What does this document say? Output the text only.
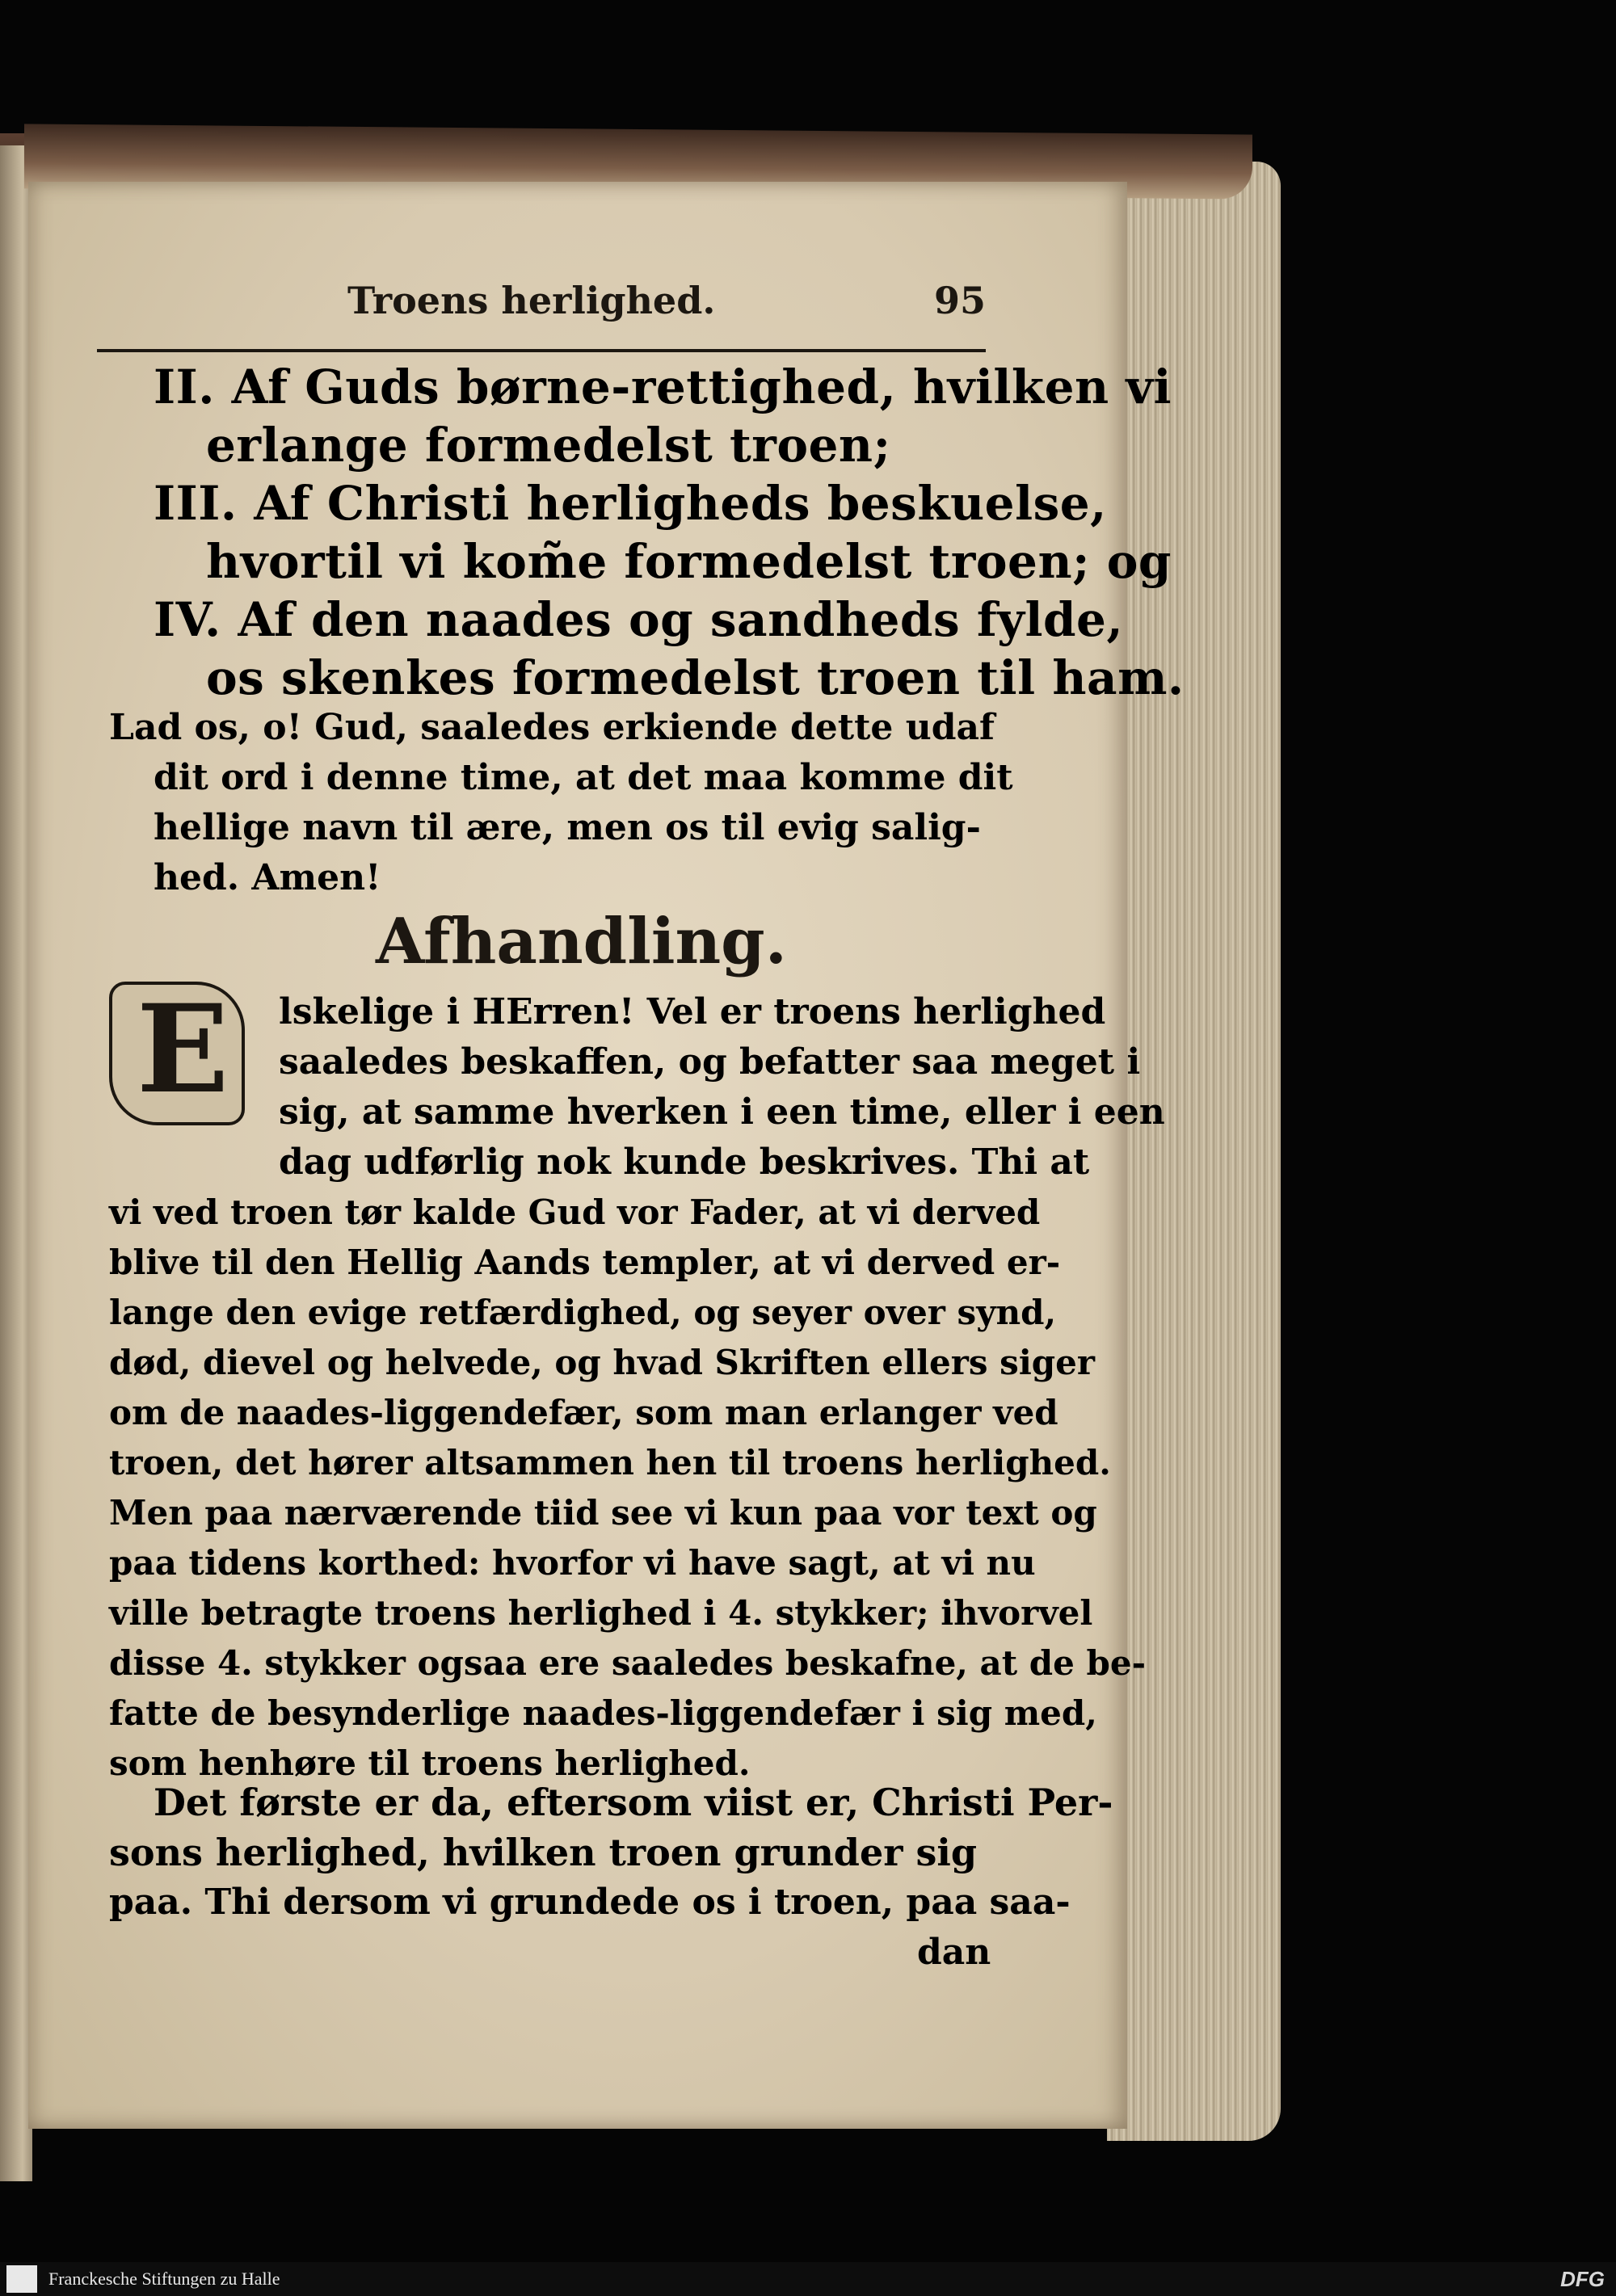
Troens herlighed.	95
II. Af Guds børne-rettighed, hvilken vi
erlange formedelst troen;
III. Af Christi herligheds beskuelse,
hvortil vi kom̃e formedelst troen; og
IV. Af den naades og sandheds fylde,
os skenkes formedelst troen til ham.
Lad os, o! Gud, saaledes erkiende dette udaf
dit ord i denne time, at det maa komme dit
hellige navn til ære, men os til evig salig-
hed. Amen!
Afhandling.
E lskelige i HErren! Vel er troens herlighed
saaledes beskaffen, og befatter saa meget i
sig, at samme hverken i een time, eller i een
dag udførlig nok kunde beskrives. Thi at
vi ved troen tør kalde Gud vor Fader, at vi derved
blive til den Hellig Aands templer, at vi derved er-
lange den evige retfærdighed, og seyer over synd,
død, dievel og helvede, og hvad Skriften ellers siger
om de naades-liggendefær, som man erlanger ved
troen, det hører altsammen hen til troens herlighed.
Men paa nærværende tiid see vi kun paa vor text og
paa tidens korthed: hvorfor vi have sagt, at vi nu
ville betragte troens herlighed i 4. stykker; ihvorvel
disse 4. stykker ogsaa ere saaledes beskafne, at de be-
fatte de besynderlige naades-liggendefær i sig med,
som henhøre til troens herlighed.
Det første er da, eftersom viist er, Christi Per-
sons herlighed, hvilken troen grunder sig
paa. Thi dersom vi grundede os i troen, paa saa-
dan
Franckesche Stiftungen zu Halle	DFG
